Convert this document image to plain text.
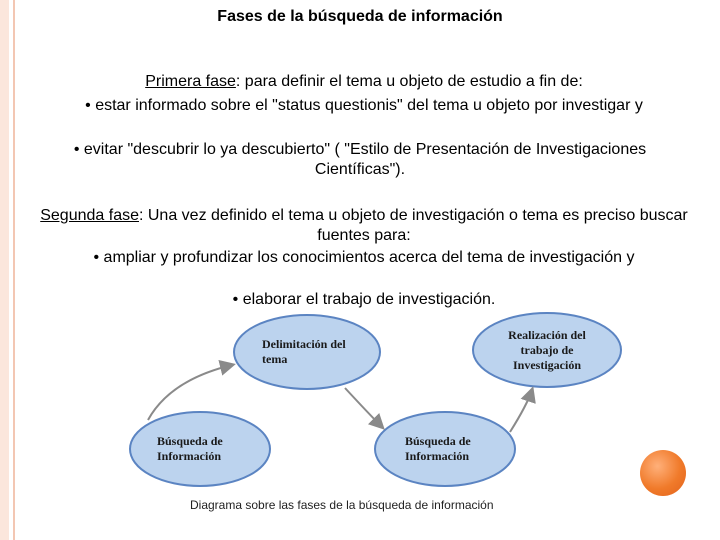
Fases de la búsqueda de información
Primera fase: para definir el tema u objeto de estudio a fin de:
• estar informado sobre el "status questionis" del tema u objeto por investigar y
• evitar "descubrir lo ya descubierto" ( "Estilo de Presentación de Investigaciones Científicas").
Segunda fase: Una vez definido el tema u objeto de investigación o tema es preciso buscar fuentes para:
• ampliar y profundizar los conocimientos acerca del tema de investigación y
• elaborar el trabajo de investigación.
Delimitación del tema
Realización del trabajo de Investigación
Búsqueda de Información
Búsqueda de Información
Diagrama sobre las fases de la búsqueda de información
